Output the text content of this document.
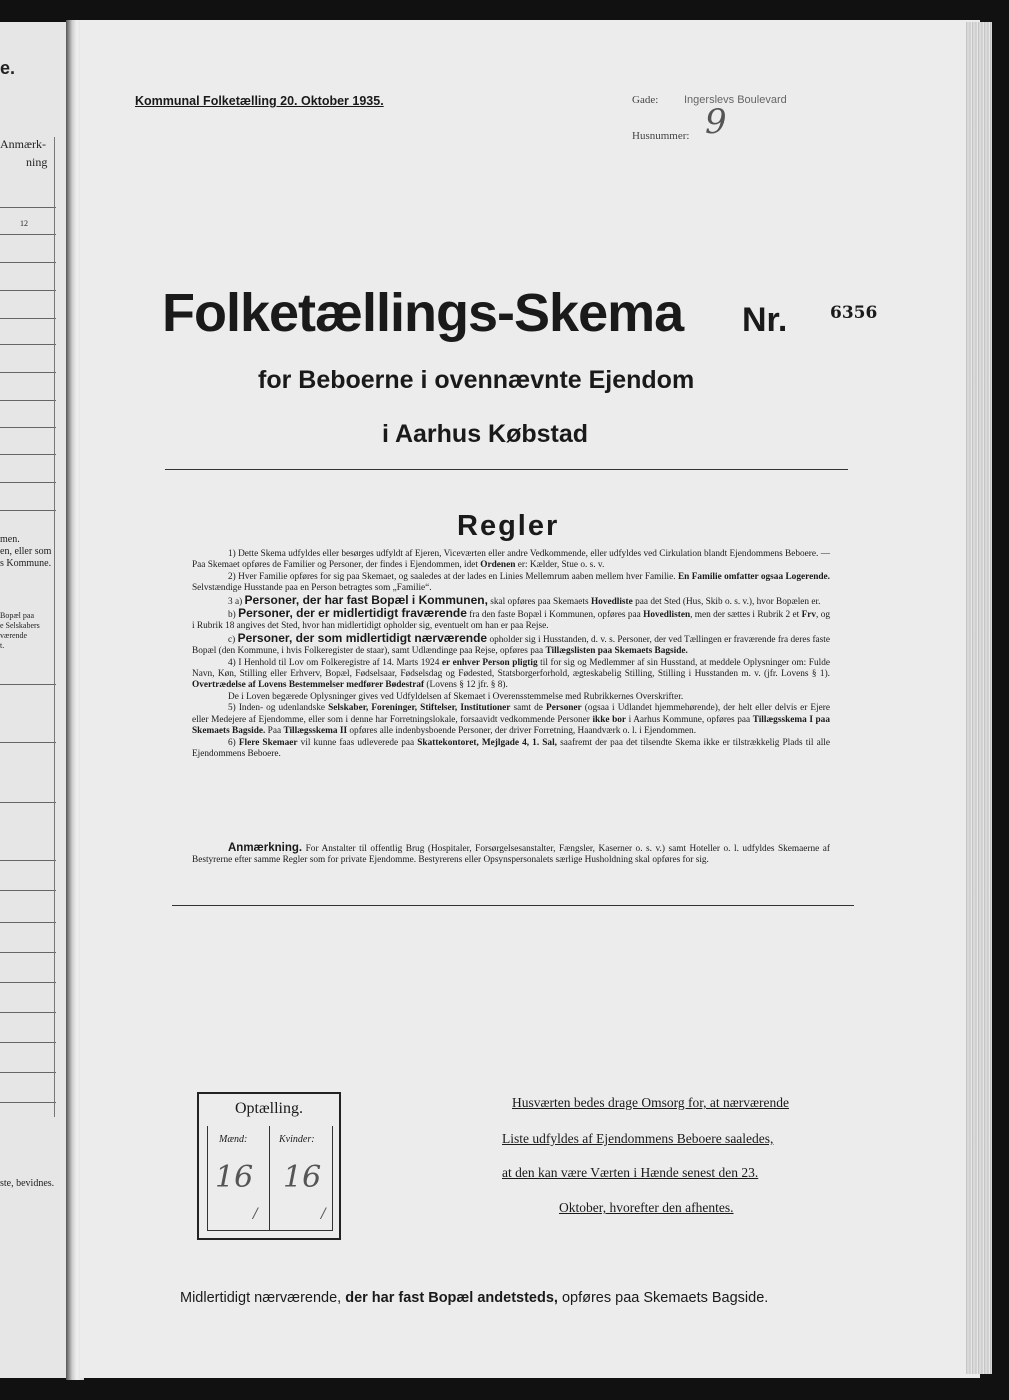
e.
Anmærk-
ning
12
men.
en, eller som
s Kommune.
Bopæl paa
e Selskabers
værende
t.
ste, bevidnes.
Kommunal Folketælling 20. Oktober 1935.	Gade: Ingerslevs Boulevard
Husnummer: 9
Folketællings-Skema Nr.	6356
for Beboerne i ovennævnte Ejendom
i Aarhus Købstad
Regler

1) Dette Skema udfyldes eller besørges udfyldt af Ejeren, Viceværten eller andre Vedkommende, eller udfyldes ved Cirkulation blandt Ejendommens Beboere. — Paa Skemaet opføres de Familier og Personer, der findes i Ejendommen, idet Ordenen er: Kælder, Stue o. s. v.

2) Hver Familie opføres for sig paa Skemaet, og saaledes at der lades en Linies Mellemrum aaben mellem hver Familie. En Familie omfatter ogsaa Logerende. Selvstændige Husstande paa en Person betragtes som „Familie“.

3 a) Personer, der har fast Bopæl i Kommunen, skal opføres paa Skemaets Hovedliste paa det Sted (Hus, Skib o. s. v.), hvor Bopælen er.

b) Personer, der er midlertidigt fraværende fra den faste Bopæl i Kommunen, opføres paa Hovedlisten, men der sættes i Rubrik 2 et Frv, og i Rubrik 18 angives det Sted, hvor han midlertidigt opholder sig, eventuelt om han er paa Rejse.

c) Personer, der som midlertidigt nærværende opholder sig i Husstanden, d. v. s. Personer, der ved Tællingen er fraværende fra deres faste Bopæl (den Kommune, i hvis Folkeregister de staar), samt Udlændinge paa Rejse, opføres paa Tillægslisten paa Skemaets Bagside.

4) I Henhold til Lov om Folkeregistre af 14. Marts 1924 er enhver Person pligtig til for sig og Medlemmer af sin Husstand, at meddele Oplysninger om: Fulde Navn, Køn, Stilling eller Erhverv, Bopæl, Fødselsaar, Fødselsdag og Fødested, Statsborgerforhold, ægteskabelig Stilling, Stilling i Husstanden m. v. (jfr. Lovens § 1). Overtrædelse af Lovens Bestemmelser medfører Bødestraf (Lovens § 12 jfr. § 8).

De i Loven begærede Oplysninger gives ved Udfyldelsen af Skemaet i Overensstemmelse med Rubrikkernes Overskrifter.

5) Inden- og udenlandske Selskaber, Foreninger, Stiftelser, Institutioner samt de Personer (ogsaa i Udlandet hjemmehørende), der helt eller delvis er Ejere eller Medejere af Ejendomme, eller som i denne har Forretningslokale, forsaavidt vedkommende Personer ikke bor i Aarhus Kommune, opføres paa Tillægsskema I paa Skemaets Bagside. Paa Tillægsskema II opføres alle indenbysboende Personer, der driver Forretning, Haandværk o. l. i Ejendommen.

6) Flere Skemaer vil kunne faas udleverede paa Skattekontoret, Mejlgade 4, 1. Sal, saafremt der paa det tilsendte Skema ikke er tilstrækkelig Plads til alle Ejendommens Beboere.

Anmærkning. For Anstalter til offentlig Brug (Hospitaler, Forsørgelsesanstalter, Fængsler, Kaserner o. s. v.) samt Hoteller o. l. udfyldes Skemaerne af Bestyrerne efter samme Regler som for private Ejendomme. Bestyrerens eller Opsynspersonalets særlige Husholdning skal opføres for sig.

Optælling.
Mænd:	Kvinder:
16 16
/	/
Husværten bedes drage Omsorg for, at nærværende
Liste udfyldes af Ejendommens Beboere saaledes,
at den kan være Værten i Hænde senest den 23.
Oktober, hvorefter den afhentes.
Midlertidigt nærværende, der har fast Bopæl andetsteds, opføres paa Skemaets Bagside.
